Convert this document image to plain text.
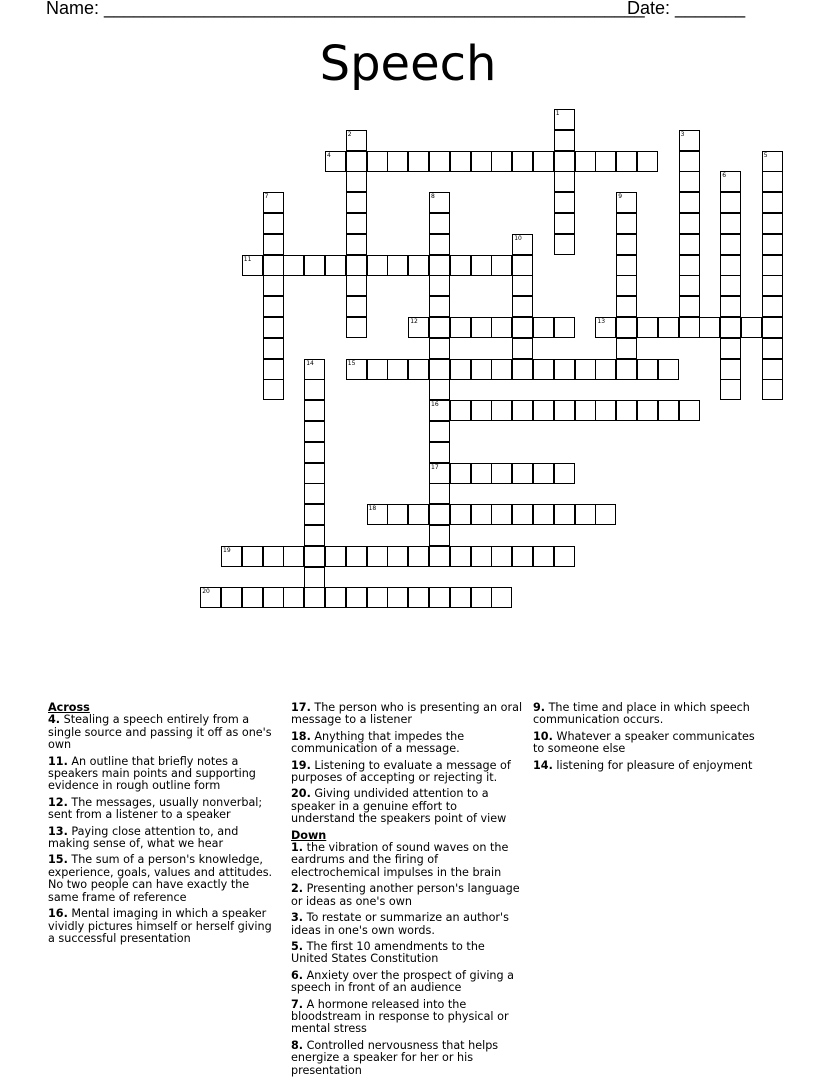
Name: ______________________________________________________
Date: _______
Speech
1
2	3
4	5
6
7	8
16
17
9
10
11
12	13
14	15
18
19
20
Across
4. Stealing a speech entirely from a single source and passing it off as one's own
11. An outline that briefly notes a speakers main points and supporting evidence in rough outline form
12. The messages, usually nonverbal; sent from a listener to a speaker
13. Paying close attention to, and making sense of, what we hear
15. The sum of a person's knowledge, experience, goals, values and attitudes. No two people can have exactly the same frame of reference
16. Mental imaging in which a speaker vividly pictures himself or herself giving a successful presentation
17. The person who is presenting an oral message to a listener
18. Anything that impedes the communication of a message.
19. Listening to evaluate a message of purposes of accepting or rejecting it.
20. Giving undivided attention to a speaker in a genuine effort to understand the speakers point of view
Down
1. the vibration of sound waves on the eardrums and the firing of electrochemical impulses in the brain
2. Presenting another person's language or ideas as one's own
3. To restate or summarize an author's ideas in one's own words.
5. The first 10 amendments to the United States Constitution
6. Anxiety over the prospect of giving a speech in front of an audience
7. A hormone released into the bloodstream in response to physical or mental stress
8. Controlled nervousness that helps energize a speaker for her or his presentation
9. The time and place in which speech communication occurs.
10. Whatever a speaker communicates to someone else
14. listening for pleasure of enjoyment
